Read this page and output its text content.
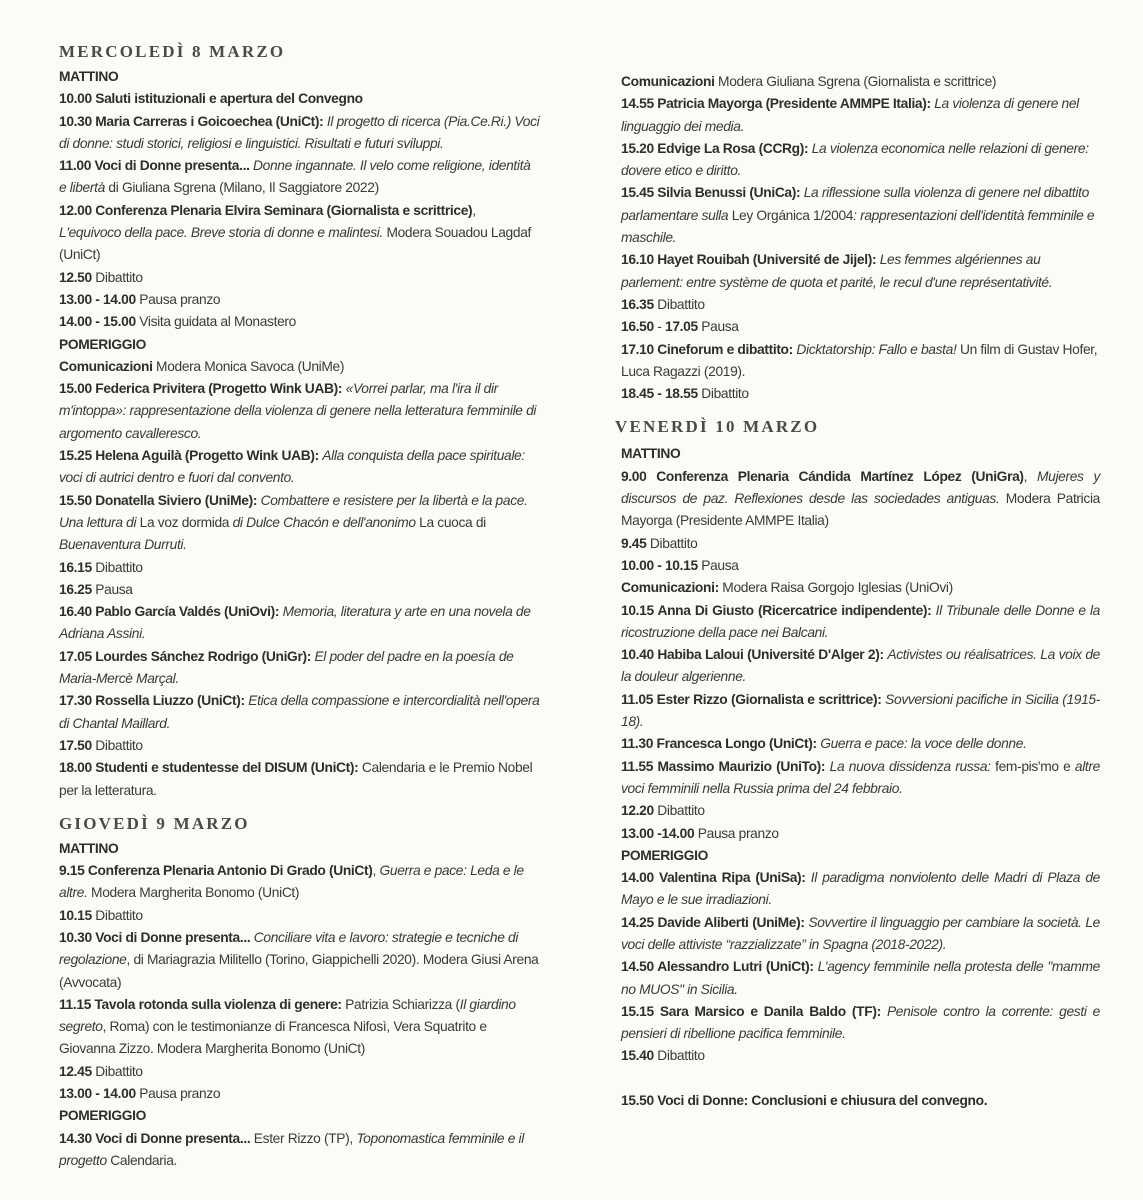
MERCOLEDÌ 8 MARZO
MATTINO

10.00 Saluti istituzionali e apertura del Convegno

10.30 Maria Carreras i Goicoechea (UniCt): Il progetto di ricerca (Pia.Ce.Ri.) Voci di donne: studi storici, religiosi e linguistici. Risultati e futuri sviluppi.

11.00 Voci di Donne presenta... Donne ingannate. Il velo come religione, identità e libertà di Giuliana Sgrena (Milano, Il Saggiatore 2022)

12.00 Conferenza Plenaria Elvira Seminara (Giornalista e scrittrice), L'equivoco della pace. Breve storia di donne e malintesi. Modera Souadou Lagdaf (UniCt)

12.50 Dibattito

13.00 - 14.00 Pausa pranzo

14.00 - 15.00 Visita guidata al Monastero

POMERIGGIO

Comunicazioni Modera Monica Savoca (UniMe)

15.00 Federica Privitera (Progetto Wink UAB): «Vorrei parlar, ma l'ira il dir m'intoppa»: rappresentazione della violenza di genere nella letteratura femminile di argomento cavalleresco.

15.25 Helena Aguilà (Progetto Wink UAB): Alla conquista della pace spirituale: voci di autrici dentro e fuori dal convento.

15.50 Donatella Siviero (UniMe): Combattere e resistere per la libertà e la pace. Una lettura di La voz dormida di Dulce Chacón e dell'anonimo La cuoca di Buenaventura Durruti.

16.15 Dibattito

16.25 Pausa

16.40 Pablo García Valdés (UniOvi): Memoria, literatura y arte en una novela de Adriana Assini.

17.05 Lourdes Sánchez Rodrigo (UniGr): El poder del padre en la poesía de Maria-Mercè Marçal.

17.30 Rossella Liuzzo (UniCt): Etica della compassione e intercordialità nell'opera di Chantal Maillard.

17.50 Dibattito

18.00 Studenti e studentesse del DISUM (UniCt): Calendaria e le Premio Nobel per la letteratura.

GIOVEDÌ 9 MARZO
MATTINO

9.15 Conferenza Plenaria Antonio Di Grado (UniCt), Guerra e pace: Leda e le altre. Modera Margherita Bonomo (UniCt)

10.15 Dibattito

10.30 Voci di Donne presenta... Conciliare vita e lavoro: strategie e tecniche di regolazione, di Mariagrazia Militello (Torino, Giappichelli 2020). Modera Giusi Arena (Avvocata)

11.15 Tavola rotonda sulla violenza di genere: Patrizia Schiarizza (Il giardino segreto, Roma) con le testimonianze di Francesca Nifosì, Vera Squatrito e Giovanna Zizzo. Modera Margherita Bonomo (UniCt)

12.45 Dibattito

13.00 - 14.00 Pausa pranzo

POMERIGGIO

14.30 Voci di Donne presenta... Ester Rizzo (TP), Toponomastica femminile e il progetto Calendaria.

Comunicazioni Modera Giuliana Sgrena (Giornalista e scrittrice)

14.55 Patricia Mayorga (Presidente AMMPE Italia): La violenza di genere nel linguaggio dei media.

15.20 Edvige La Rosa (CCRg): La violenza economica nelle relazioni di genere: dovere etico e diritto.

15.45 Silvia Benussi (UniCa): La riflessione sulla violenza di genere nel dibattito parlamentare sulla Ley Orgánica 1/2004: rappresentazioni dell'identità femminile e maschile.

16.10 Hayet Rouibah (Université de Jijel): Les femmes algériennes au parlement: entre système de quota et parité, le recul d'une représentativité.

16.35 Dibattito

16.50 - 17.05 Pausa

17.10 Cineforum e dibattito: Dicktatorship: Fallo e basta! Un film di Gustav Hofer, Luca Ragazzi (2019).

18.45 - 18.55 Dibattito

VENERDÌ 10 MARZO
MATTINO

9.00 Conferenza Plenaria Cándida Martínez López (UniGra), Mujeres y discursos de paz. Reflexiones desde las sociedades antiguas. Modera Patricia Mayorga (Presidente AMMPE Italia)

9.45 Dibattito

10.00 - 10.15 Pausa

Comunicazioni: Modera Raisa Gorgojo Iglesias (UniOvi)

10.15 Anna Di Giusto (Ricercatrice indipendente): Il Tribunale delle Donne e la ricostruzione della pace nei Balcani.

10.40 Habiba Laloui (Université D'Alger 2): Activistes ou réalisatrices. La voix de la douleur algerienne.

11.05 Ester Rizzo (Giornalista e scrittrice): Sovversioni pacifiche in Sicilia (1915-18).

11.30 Francesca Longo (UniCt): Guerra e pace: la voce delle donne.

11.55 Massimo Maurizio (UniTo): La nuova dissidenza russa: fem-pis'mo e altre voci femminili nella Russia prima del 24 febbraio.

12.20 Dibattito

13.00 -14.00 Pausa pranzo

POMERIGGIO

14.00 Valentina Ripa (UniSa): Il paradigma nonviolento delle Madri di Plaza de Mayo e le sue irradiazioni.

14.25 Davide Aliberti (UniMe): Sovvertire il linguaggio per cambiare la società. Le voci delle attiviste “razzializzate” in Spagna (2018-2022).

14.50 Alessandro Lutri (UniCt): L'agency femminile nella protesta delle "mamme no MUOS" in Sicilia.

15.15 Sara Marsico e Danila Baldo (TF): Penisole contro la corrente: gesti e pensieri di ribellione pacifica femminile.

15.40 Dibattito

15.50 Voci di Donne: Conclusioni e chiusura del convegno.
